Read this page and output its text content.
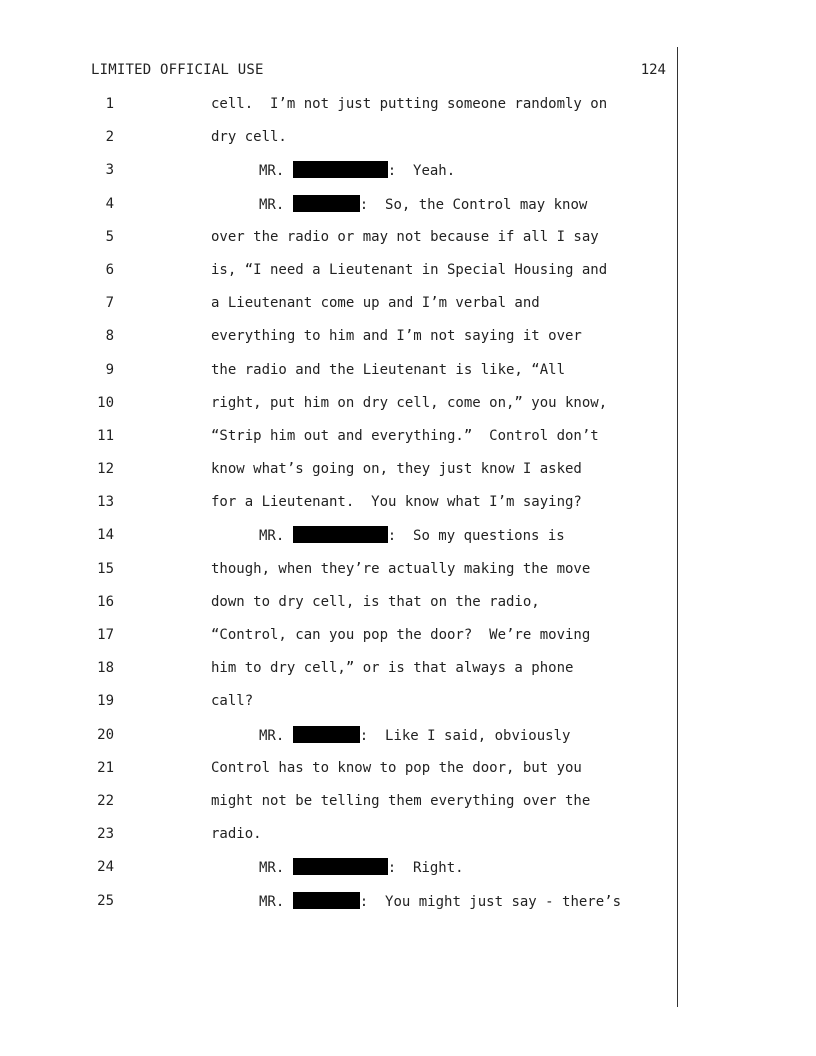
LIMITED OFFICIAL USE	124
1	cell.  I’m not just putting someone randomly on
2	dry cell.
3	MR.	:  Yeah.
4	MR.	:  So, the Control may know
5	over the radio or may not because if all I say
6	is, “I need a Lieutenant in Special Housing and
7	a Lieutenant come up and I’m verbal and
8	everything to him and I’m not saying it over
9	the radio and the Lieutenant is like, “All
10	right, put him on dry cell, come on,” you know,
11	“Strip him out and everything.”  Control don’t
12	know what’s going on, they just know I asked
13	for a Lieutenant.  You know what I’m saying?
14	MR.	:  So my questions is
15	though, when they’re actually making the move
16	down to dry cell, is that on the radio,
17	“Control, can you pop the door?  We’re moving
18	him to dry cell,” or is that always a phone
19	call?
20	MR.	:  Like I said, obviously
21	Control has to know to pop the door, but you
22	might not be telling them everything over the
23	radio.
24	MR.	:  Right.
25	MR.	:  You might just say - there’s
